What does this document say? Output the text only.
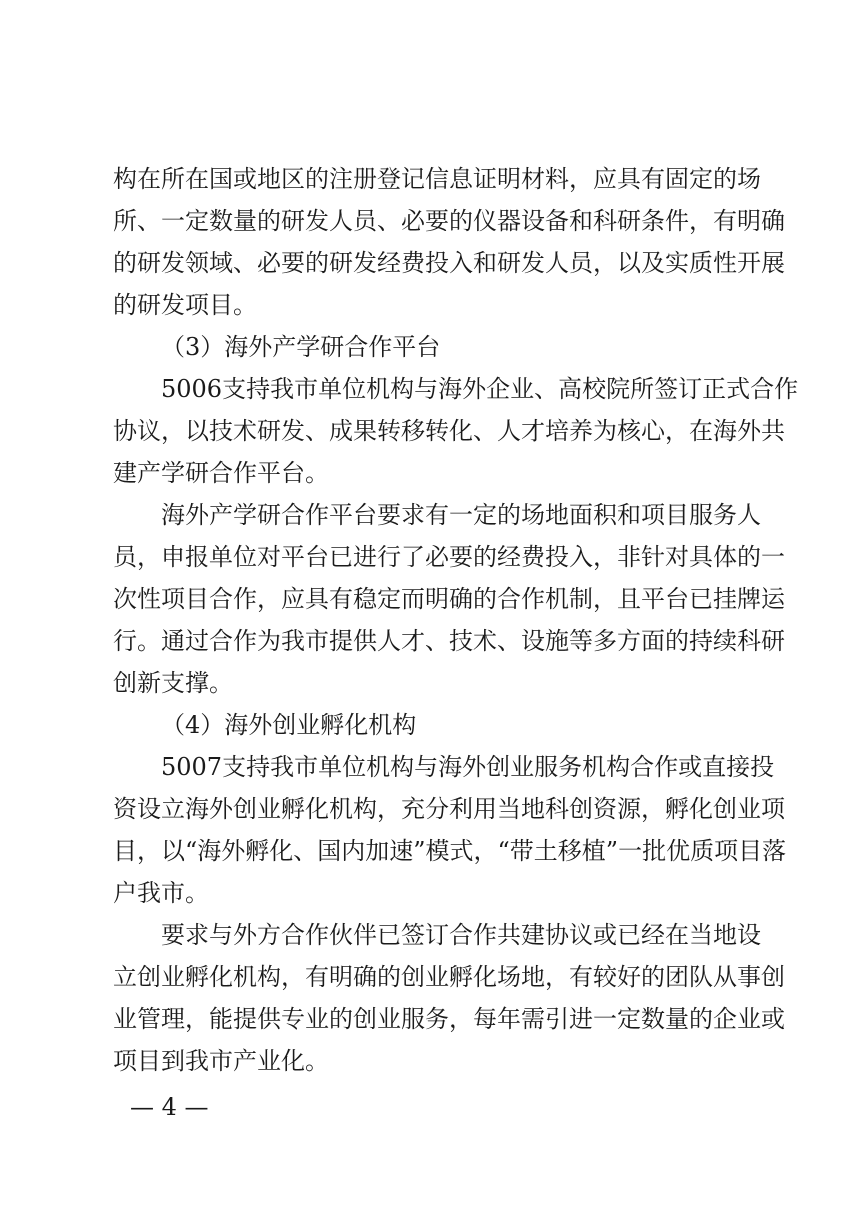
构在所在国或地区的注册登记信息证明材料，应具有固定的场
所、一定数量的研发人员、必要的仪器设备和科研条件，有明确
的研发领域、必要的研发经费投入和研发人员，以及实质性开展
的研发项目。
（3）海外产学研合作平台
5006支持我市单位机构与海外企业、高校院所签订正式合作
协议，以技术研发、成果转移转化、人才培养为核心，在海外共
建产学研合作平台。
海外产学研合作平台要求有一定的场地面积和项目服务人
员，申报单位对平台已进行了必要的经费投入，非针对具体的一
次性项目合作，应具有稳定而明确的合作机制，且平台已挂牌运
行。通过合作为我市提供人才、技术、设施等多方面的持续科研
创新支撑。
（4）海外创业孵化机构
5007支持我市单位机构与海外创业服务机构合作或直接投
资设立海外创业孵化机构，充分利用当地科创资源，孵化创业项
目，以“海外孵化、国内加速”模式，“带土移植”一批优质项目落
户我市。
要求与外方合作伙伴已签订合作共建协议或已经在当地设
立创业孵化机构，有明确的创业孵化场地，有较好的团队从事创
业管理，能提供专业的创业服务，每年需引进一定数量的企业或
项目到我市产业化。
— 4 —
